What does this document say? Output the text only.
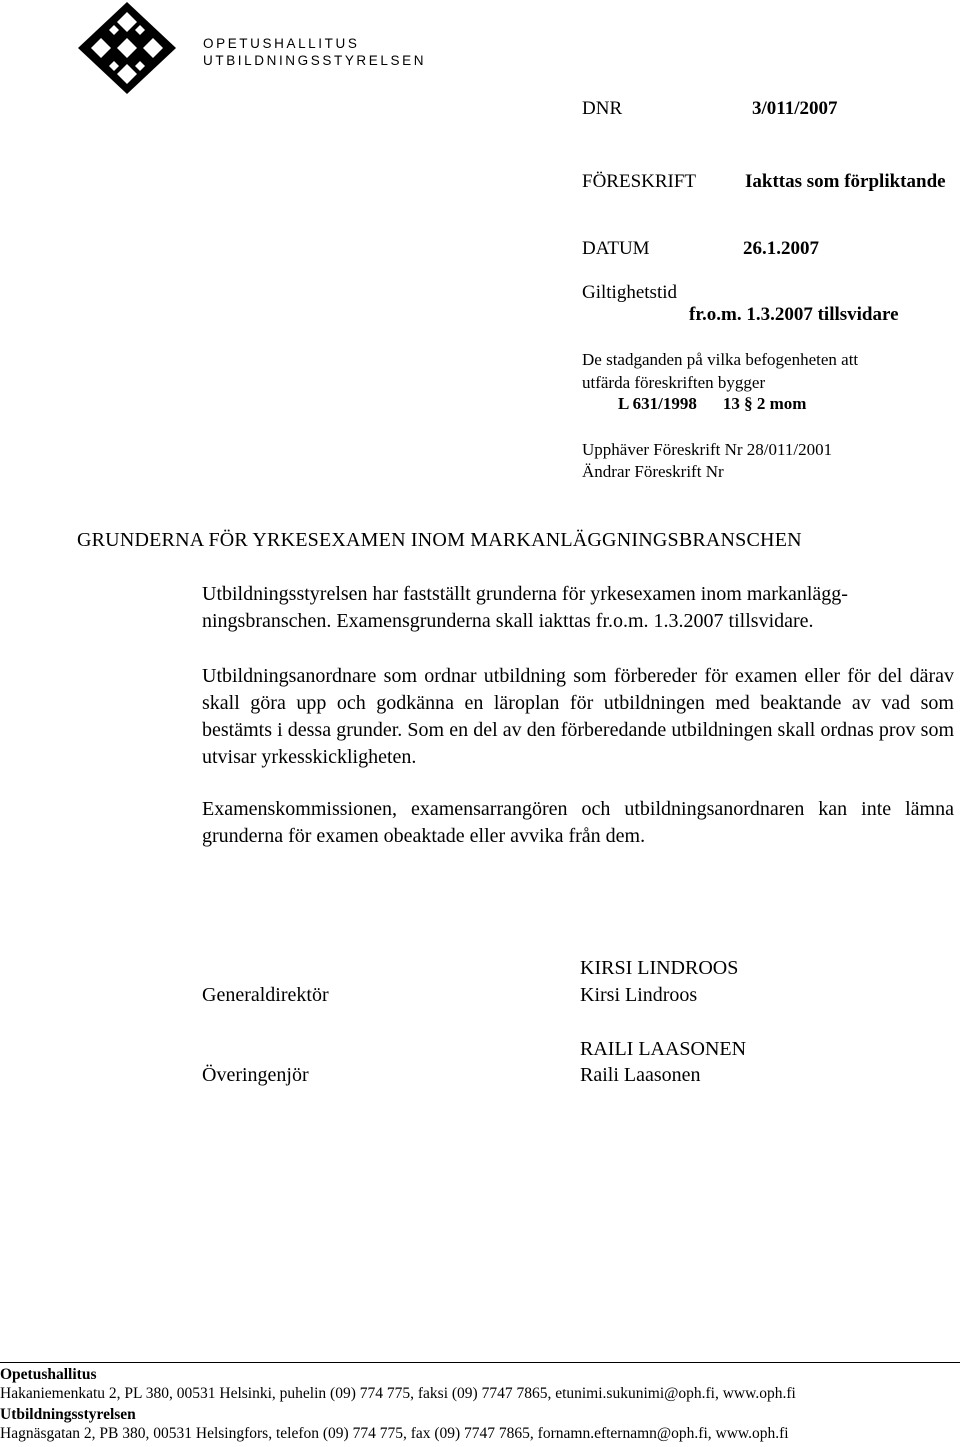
OPETUSHALLITUS
UTBILDNINGSSTYRELSEN
DNR	3/011/2007
FÖRESKRIFT	Iakttas som förpliktande
DATUM	26.1.2007
Giltighetstid
fr.o.m. 1.3.2007 tillsvidare
De stadganden på vilka befogenheten att
utfärda föreskriften bygger
L 631/1998 13 § 2 mom
Upphäver Föreskrift Nr 28/011/2001
Ändrar Föreskrift Nr
GRUNDERNA FÖR YRKESEXAMEN INOM MARKANLÄGGNINGSBRANSCHEN
Utbildningsstyrelsen har fastställt grunderna för yrkesexamen inom markanlägg-
ningsbranschen. Examensgrunderna skall iakttas fr.o.m. 1.3.2007 tillsvidare.
Utbildningsanordnare som ordnar utbildning som förbereder för examen eller för del därav skall göra upp och godkänna en läroplan för utbildningen med beaktande av vad som bestämts i dessa grunder. Som en del av den förberedande utbildningen skall ordnas prov som utvisar yrkesskickligheten.
Examenskommissionen, examensarrangören och utbildningsanordnaren kan inte lämna grunderna för examen obeaktade eller avvika från dem.
KIRSI LINDROOS
Generaldirektör	Kirsi Lindroos
RAILI LAASONEN
Överingenjör	Raili Laasonen
Opetushallitus
Hakaniemenkatu 2, PL 380, 00531 Helsinki, puhelin (09) 774 775, faksi (09) 7747 7865, etunimi.sukunimi@oph.fi, www.oph.fi
Utbildningsstyrelsen
Hagnäsgatan 2, PB 380, 00531 Helsingfors, telefon (09) 774 775, fax (09) 7747 7865, fornamn.efternamn@oph.fi, www.oph.fi
